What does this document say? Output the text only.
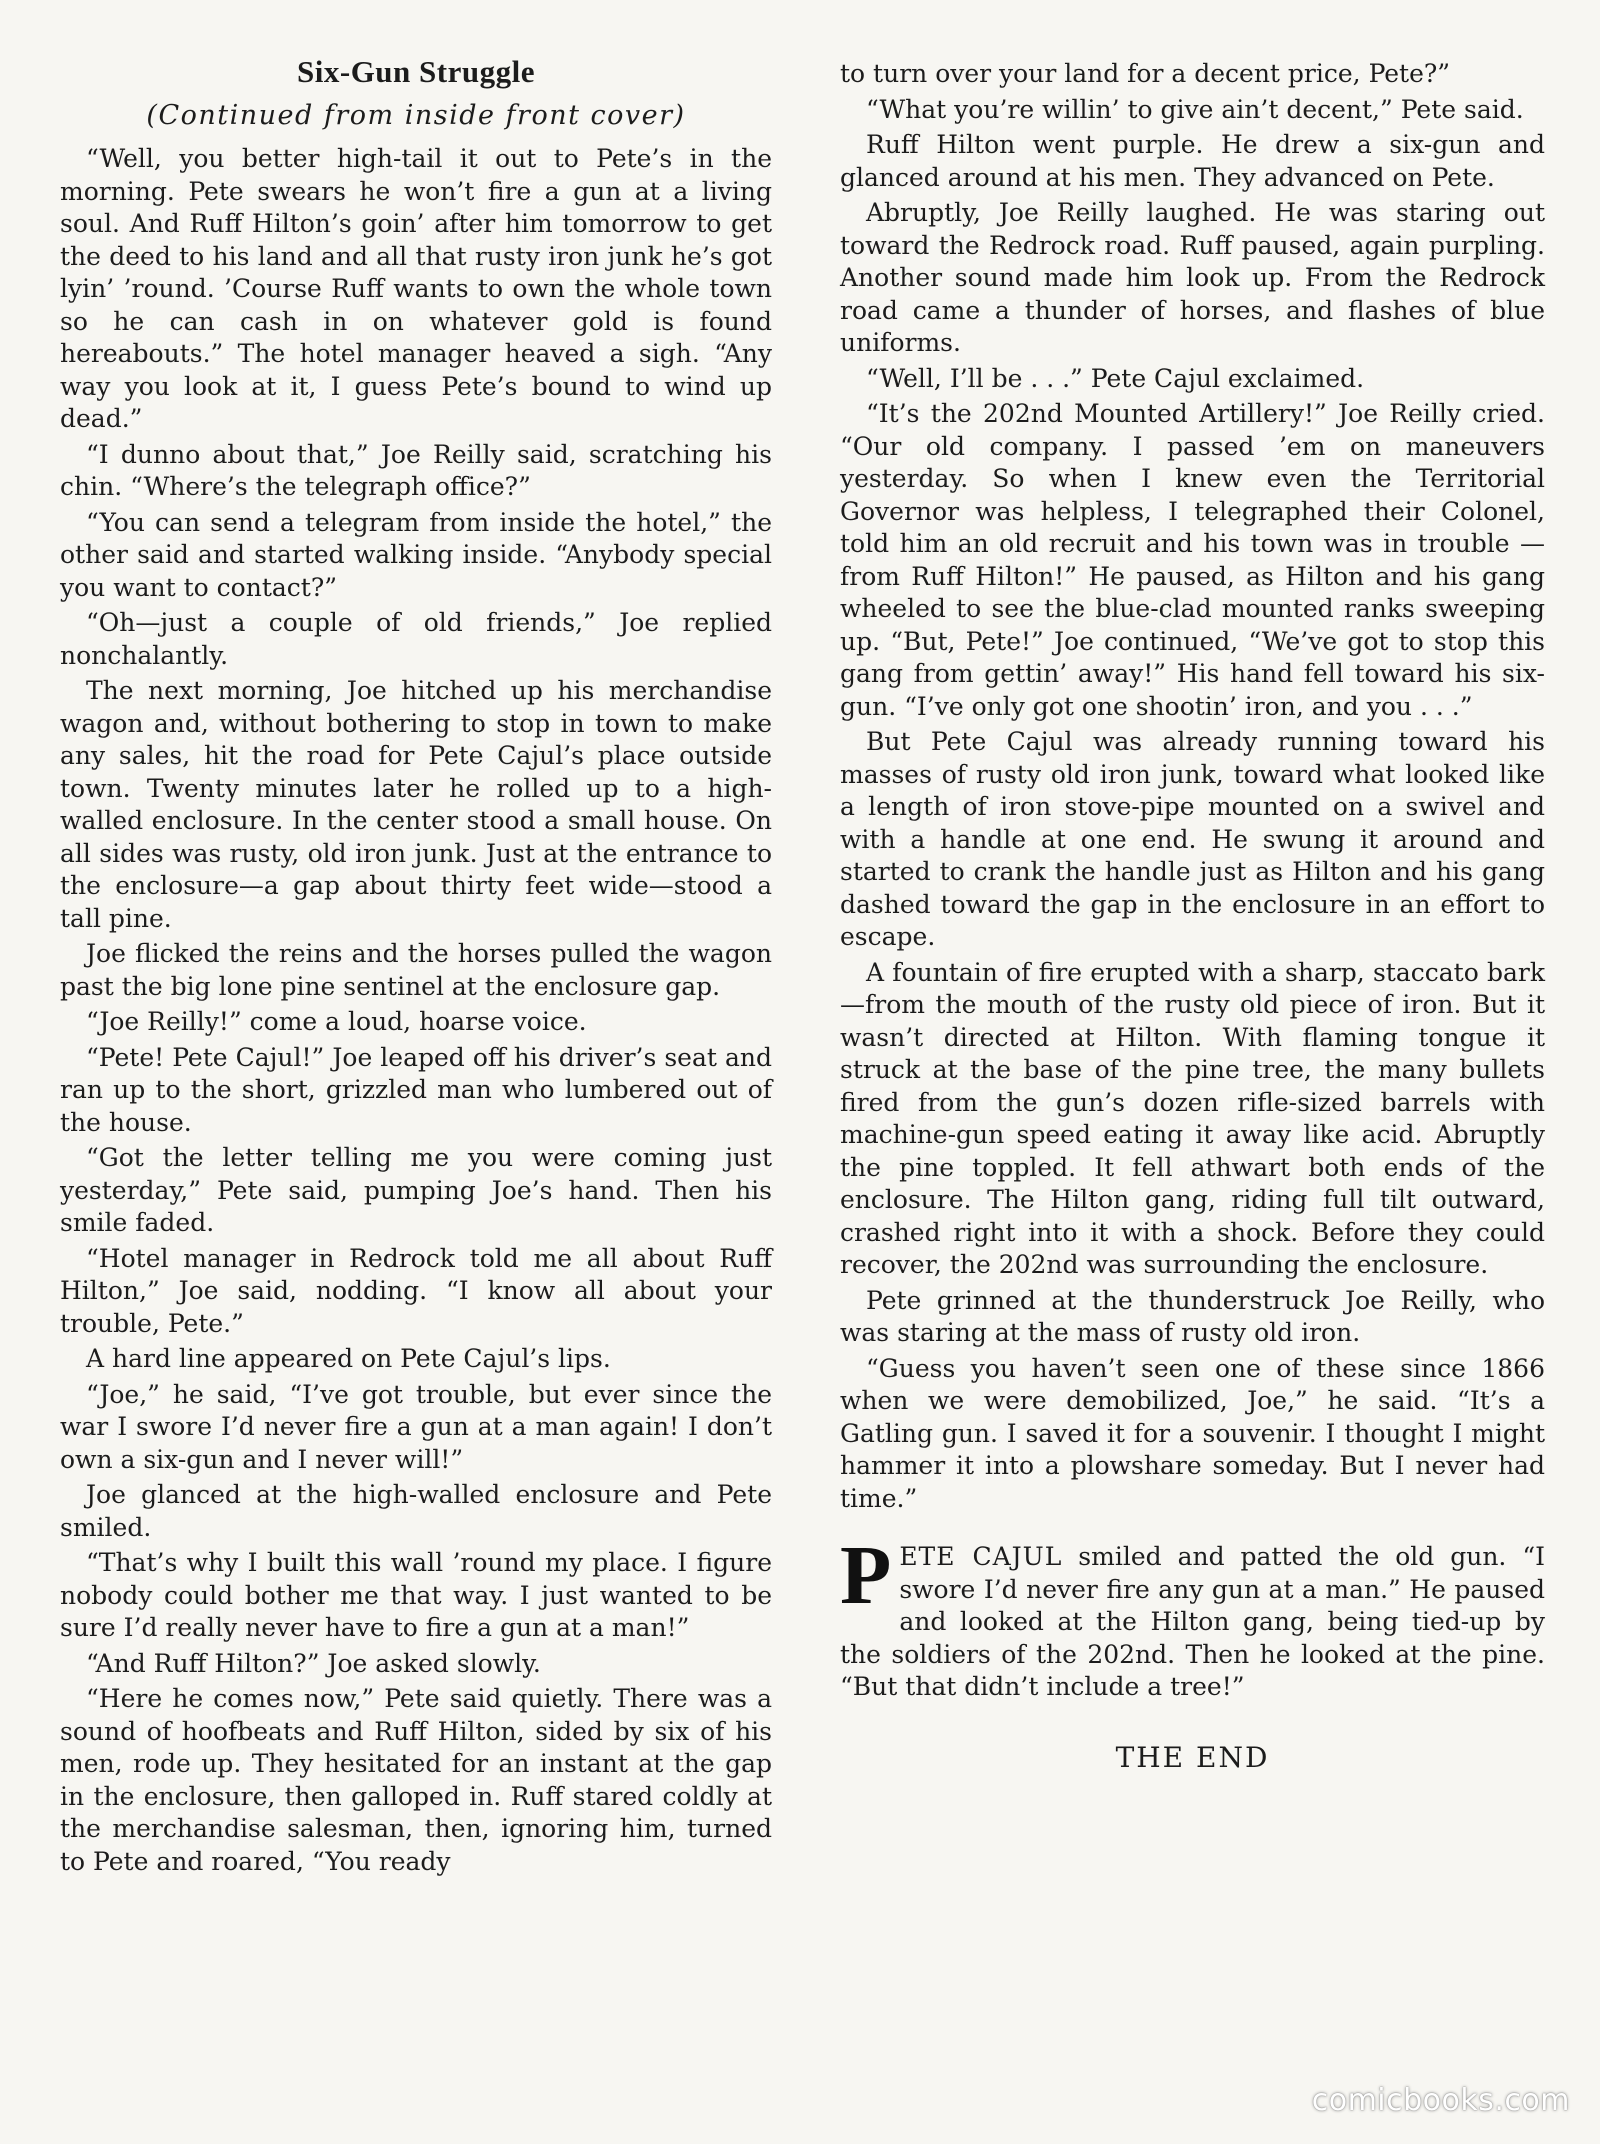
Six-Gun Struggle
(Continued from inside front cover)

“Well, you better high-tail it out to Pete’s in the morning. Pete swears he won’t fire a gun at a living soul. And Ruff Hilton’s goin’ after him tomorrow to get the deed to his land and all that rusty iron junk he’s got lyin’ ’round. ’Course Ruff wants to own the whole town so he can cash in on whatever gold is found hereabouts.” The hotel manager heaved a sigh. “Any way you look at it, I guess Pete’s bound to wind up dead.”

“I dunno about that,” Joe Reilly said, scratching his chin. “Where’s the telegraph office?”

“You can send a telegram from inside the hotel,” the other said and started walking inside. “Anybody special you want to contact?”

“Oh—just a couple of old friends,” Joe replied nonchalantly.

The next morning, Joe hitched up his merchandise wagon and, without bothering to stop in town to make any sales, hit the road for Pete Cajul’s place outside town. Twenty minutes later he rolled up to a high-walled enclosure. In the center stood a small house. On all sides was rusty, old iron junk. Just at the entrance to the enclosure—a gap about thirty feet wide—stood a tall pine.

Joe flicked the reins and the horses pulled the wagon past the big lone pine sentinel at the enclosure gap.

“Joe Reilly!” come a loud, hoarse voice.

“Pete! Pete Cajul!” Joe leaped off his driver’s seat and ran up to the short, grizzled man who lumbered out of the house.

“Got the letter telling me you were coming just yesterday,” Pete said, pumping Joe’s hand. Then his smile faded.

“Hotel manager in Redrock told me all about Ruff Hilton,” Joe said, nodding. “I know all about your trouble, Pete.”

A hard line appeared on Pete Cajul’s lips.

“Joe,” he said, “I’ve got trouble, but ever since the war I swore I’d never fire a gun at a man again! I don’t own a six-gun and I never will!”

Joe glanced at the high-walled enclosure and Pete smiled.

“That’s why I built this wall ’round my place. I figure nobody could bother me that way. I just wanted to be sure I’d really never have to fire a gun at a man!”

“And Ruff Hilton?” Joe asked slowly.

“Here he comes now,” Pete said quietly. There was a sound of hoofbeats and Ruff Hilton, sided by six of his men, rode up. They hesitated for an instant at the gap in the enclosure, then galloped in. Ruff stared coldly at the merchandise salesman, then, ignoring him, turned to Pete and roared, “You ready

to turn over your land for a decent price, Pete?”

“What you’re willin’ to give ain’t decent,” Pete said.

Ruff Hilton went purple. He drew a six-gun and glanced around at his men. They advanced on Pete.

Abruptly, Joe Reilly laughed. He was staring out toward the Redrock road. Ruff paused, again purpling. Another sound made him look up. From the Redrock road came a thunder of horses, and flashes of blue uniforms.

“Well, I’ll be . . .” Pete Cajul exclaimed.

“It’s the 202nd Mounted Artillery!” Joe Reilly cried. “Our old company. I passed ’em on maneuvers yesterday. So when I knew even the Territorial Governor was helpless, I telegraphed their Colonel, told him an old recruit and his town was in trouble — from Ruff Hilton!” He paused, as Hilton and his gang wheeled to see the blue-clad mounted ranks sweeping up. “But, Pete!” Joe continued, “We’ve got to stop this gang from gettin’ away!” His hand fell toward his six-gun. “I’ve only got one shootin’ iron, and you . . .”

But Pete Cajul was already running toward his masses of rusty old iron junk, toward what looked like a length of iron stove-pipe mounted on a swivel and with a handle at one end. He swung it around and started to crank the handle just as Hilton and his gang dashed toward the gap in the enclosure in an effort to escape.

A fountain of fire erupted with a sharp, staccato bark—from the mouth of the rusty old piece of iron. But it wasn’t directed at Hilton. With flaming tongue it struck at the base of the pine tree, the many bullets fired from the gun’s dozen rifle-sized barrels with machine-gun speed eating it away like acid. Abruptly the pine toppled. It fell athwart both ends of the enclosure. The Hilton gang, riding full tilt outward, crashed right into it with a shock. Before they could recover, the 202nd was surrounding the enclosure.

Pete grinned at the thunderstruck Joe Reilly, who was staring at the mass of rusty old iron.

“Guess you haven’t seen one of these since 1866 when we were demobilized, Joe,” he said. “It’s a Gatling gun. I saved it for a souvenir. I thought I might hammer it into a plowshare someday. But I never had time.”

PETE CAJUL smiled and patted the old gun. “I swore I’d never fire any gun at a man.” He paused and looked at the Hilton gang, being tied-up by the soldiers of the 202nd. Then he looked at the pine. “But that didn’t include a tree!”

THE END
comicbooks.com
